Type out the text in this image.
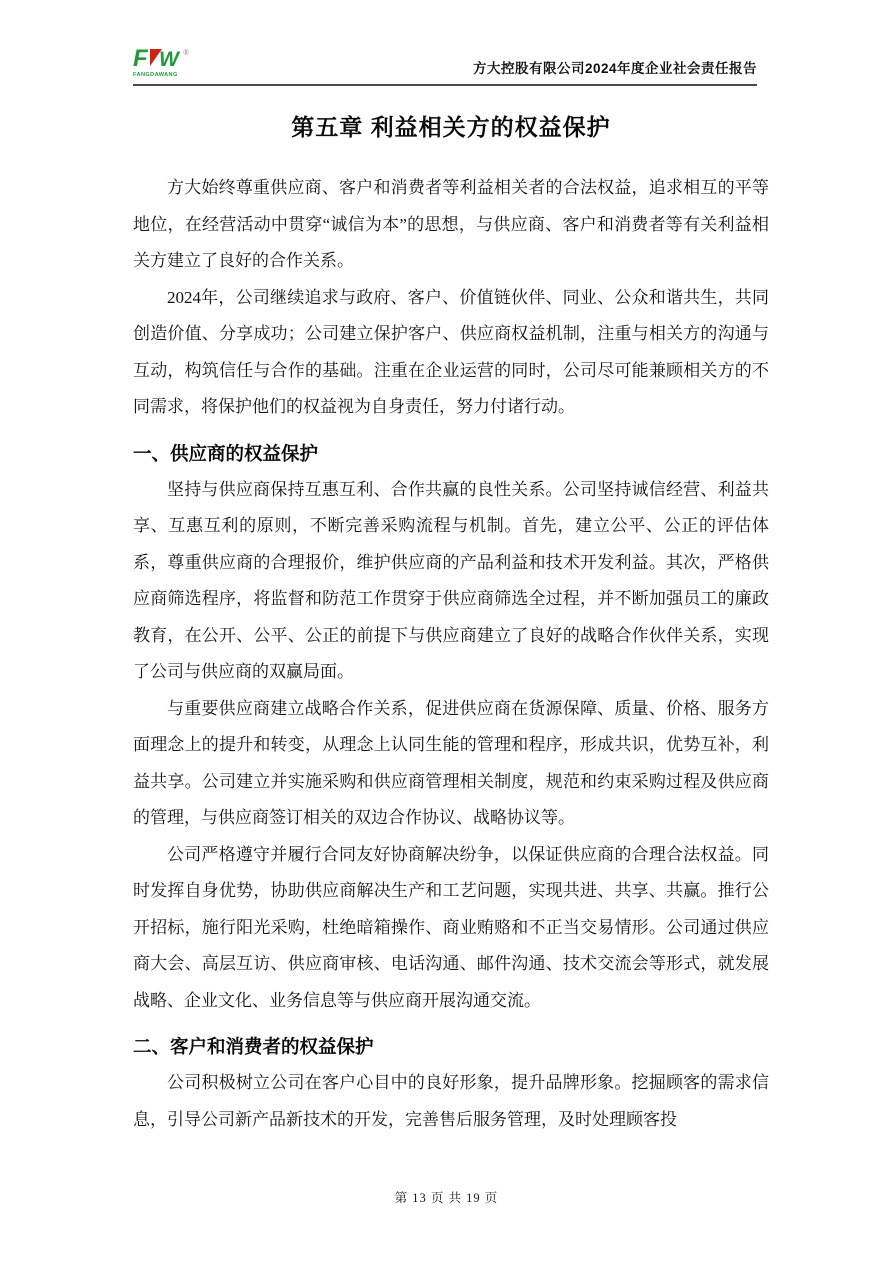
F W
FANGDAWANG
®
方大控股有限公司2024年度企业社会责任报告
第五章 利益相关方的权益保护

方大始终尊重供应商、客户和消费者等利益相关者的合法权益，追求相互的平等地位，在经营活动中贯穿“诚信为本”的思想，与供应商、客户和消费者等有关利益相关方建立了良好的合作关系。

2024年，公司继续追求与政府、客户、价值链伙伴、同业、公众和谐共生，共同创造价值、分享成功；公司建立保护客户、供应商权益机制，注重与相关方的沟通与互动，构筑信任与合作的基础。注重在企业运营的同时，公司尽可能兼顾相关方的不同需求，将保护他们的权益视为自身责任，努力付诸行动。

一、供应商的权益保护

坚持与供应商保持互惠互利、合作共赢的良性关系。公司坚持诚信经营、利益共享、互惠互利的原则，不断完善采购流程与机制。首先，建立公平、公正的评估体系，尊重供应商的合理报价，维护供应商的产品利益和技术开发利益。其次，严格供应商筛选程序，将监督和防范工作贯穿于供应商筛选全过程，并不断加强员工的廉政教育，在公开、公平、公正的前提下与供应商建立了良好的战略合作伙伴关系，实现了公司与供应商的双赢局面。

与重要供应商建立战略合作关系，促进供应商在货源保障、质量、价格、服务方面理念上的提升和转变，从理念上认同生能的管理和程序，形成共识，优势互补，利益共享。公司建立并实施采购和供应商管理相关制度，规范和约束采购过程及供应商的管理，与供应商签订相关的双边合作协议、战略协议等。

公司严格遵守并履行合同友好协商解决纷争，以保证供应商的合理合法权益。同时发挥自身优势，协助供应商解决生产和工艺问题，实现共进、共享、共赢。推行公开招标，施行阳光采购，杜绝暗箱操作、商业贿赂和不正当交易情形。公司通过供应商大会、高层互访、供应商审核、电话沟通、邮件沟通、技术交流会等形式，就发展战略、企业文化、业务信息等与供应商开展沟通交流。

二、客户和消费者的权益保护

公司积极树立公司在客户心目中的良好形象，提升品牌形象。挖掘顾客的需求信息，引导公司新产品新技术的开发，完善售后服务管理，及时处理顾客投

第 13 页 共 19 页
